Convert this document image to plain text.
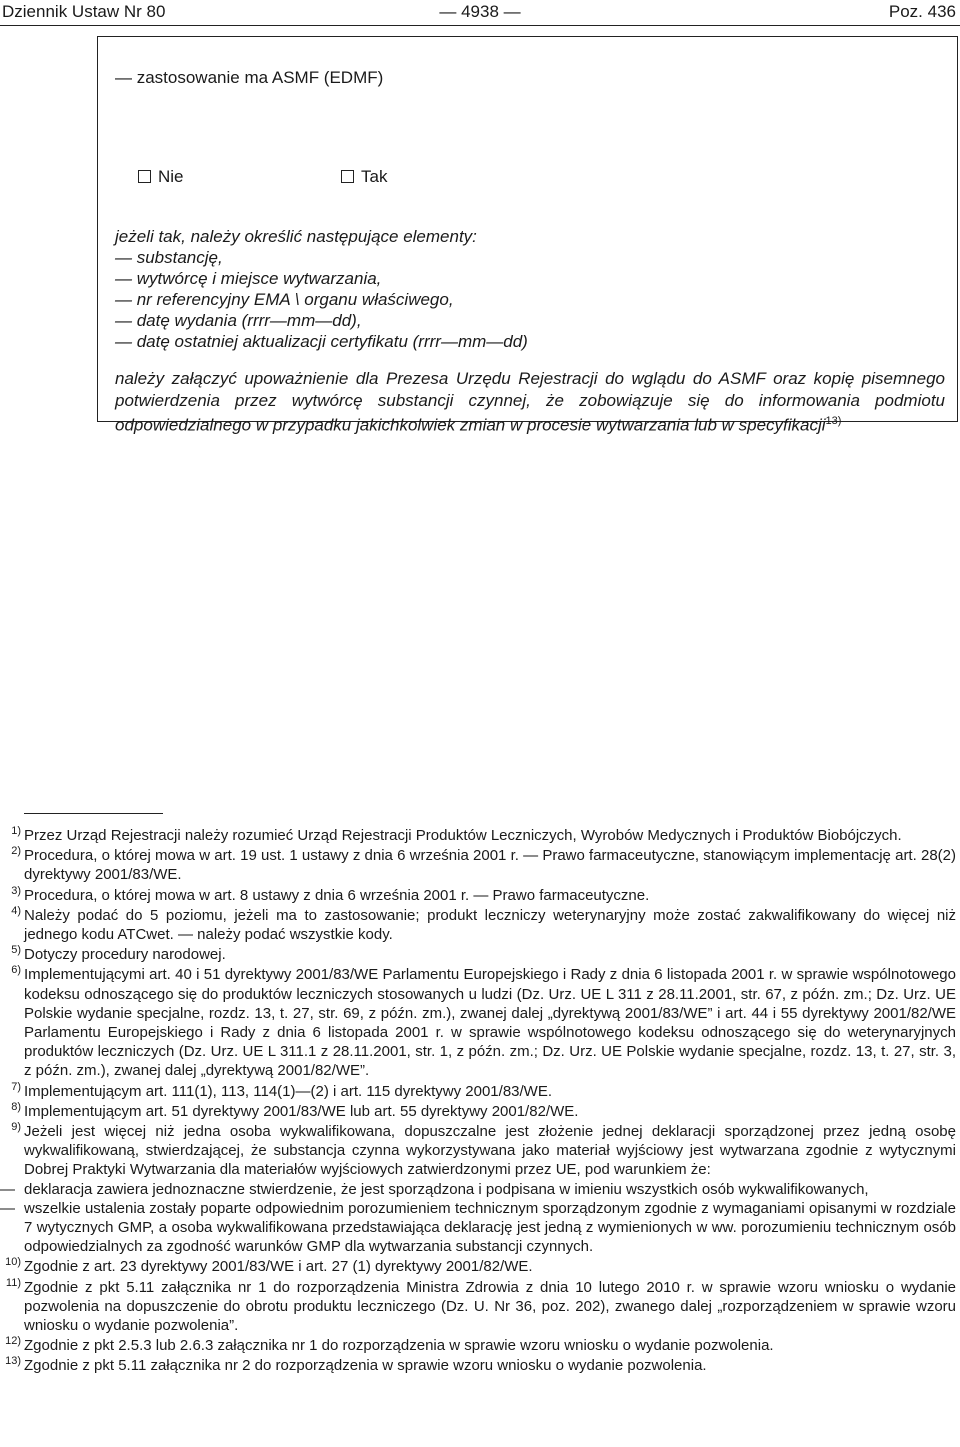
Dziennik Ustaw Nr 80	— 4938 —	Poz. 436
— zastosowanie ma ASMF (EDMF)
Nie	Tak
jeżeli tak, należy określić następujące elementy:
— substancję,
— wytwórcę i miejsce wytwarzania,
— nr referencyjny EMA \ organu właściwego,
— datę wydania (rrrr—mm—dd),
— datę ostatniej aktualizacji certyfikatu (rrrr—mm—dd)
należy załączyć upoważnienie dla Prezesa Urzędu Rejestracji do wglądu do ASMF oraz kopię pisemnego potwierdzenia przez wytwórcę substancji czynnej, że zobowiązuje się do informowania podmiotu odpowiedzialnego w przypadku jakichkolwiek zmian w procesie wytwarzania lub w specyfikacji$^{13)}$
1) Przez Urząd Rejestracji należy rozumieć Urząd Rejestracji Produktów Leczniczych, Wyrobów Medycznych i Produktów Biobójczych.
2) Procedura, o której mowa w art. 19 ust. 1 ustawy z dnia 6 września 2001 r. — Prawo farmaceutyczne, stanowiącym implementację art. 28(2) dyrektywy 2001/83/WE.
3) Procedura, o której mowa w art. 8 ustawy z dnia 6 września 2001 r. — Prawo farmaceutyczne.
4) Należy podać do 5 poziomu, jeżeli ma to zastosowanie; produkt leczniczy weterynaryjny może zostać zakwalifikowany do więcej niż jednego kodu ATCwet. — należy podać wszystkie kody.
5) Dotyczy procedury narodowej.
6) Implementującymi art. 40 i 51 dyrektywy 2001/83/WE Parlamentu Europejskiego i Rady z dnia 6 listopada 2001 r. w sprawie wspólnotowego kodeksu odnoszącego się do produktów leczniczych stosowanych u ludzi (Dz. Urz. UE L 311 z 28.11.2001, str. 67, z późn. zm.; Dz. Urz. UE Polskie wydanie specjalne, rozdz. 13, t. 27, str. 69, z późn. zm.), zwanej dalej „dyrektywą 2001/83/WE” i art. 44 i 55 dyrektywy 2001/82/WE Parlamentu Europejskiego i Rady z dnia 6 listopada 2001 r. w sprawie wspólnotowego kodeksu odnoszącego się do weterynaryjnych produktów leczniczych (Dz. Urz. UE L 311.1 z 28.11.2001, str. 1, z późn. zm.; Dz. Urz. UE Polskie wydanie specjalne, rozdz. 13, t. 27, str. 3, z późn. zm.), zwanej dalej „dyrektywą 2001/82/WE”.
7) Implementującym art. 111(1), 113, 114(1)—(2) i art. 115 dyrektywy 2001/83/WE.
8) Implementującym art. 51 dyrektywy 2001/83/WE lub art. 55 dyrektywy 2001/82/WE.
9) Jeżeli jest więcej niż jedna osoba wykwalifikowana, dopuszczalne jest złożenie jednej deklaracji sporządzonej przez jedną osobę wykwalifikowaną, stwierdzającej, że substancja czynna wykorzystywana jako materiał wyjściowy jest wytwarzana zgodnie z wytycznymi Dobrej Praktyki Wytwarzania dla materiałów wyjściowych zatwierdzonymi przez UE, pod warunkiem że:
— deklaracja zawiera jednoznaczne stwierdzenie, że jest sporządzona i podpisana w imieniu wszystkich osób wykwalifikowanych,
— wszelkie ustalenia zostały poparte odpowiednim porozumieniem technicznym sporządzonym zgodnie z wymaganiami opisanymi w rozdziale 7 wytycznych GMP, a osoba wykwalifikowana przedstawiająca deklarację jest jedną z wymienionych w ww. porozumieniu technicznym osób odpowiedzialnych za zgodność warunków GMP dla wytwarzania substancji czynnych.
10) Zgodnie z art. 23 dyrektywy 2001/83/WE i art. 27 (1) dyrektywy 2001/82/WE.
11) Zgodnie z pkt 5.11 załącznika nr 1 do rozporządzenia Ministra Zdrowia z dnia 10 lutego 2010 r. w sprawie wzoru wniosku o wydanie pozwolenia na dopuszczenie do obrotu produktu leczniczego (Dz. U. Nr 36, poz. 202), zwanego dalej „rozporządzeniem w sprawie wzoru wniosku o wydanie pozwolenia”.
12) Zgodnie z pkt 2.5.3 lub 2.6.3 załącznika nr 1 do rozporządzenia w sprawie wzoru wniosku o wydanie pozwolenia.
13) Zgodnie z pkt 5.11 załącznika nr 2 do rozporządzenia w sprawie wzoru wniosku o wydanie pozwolenia.
